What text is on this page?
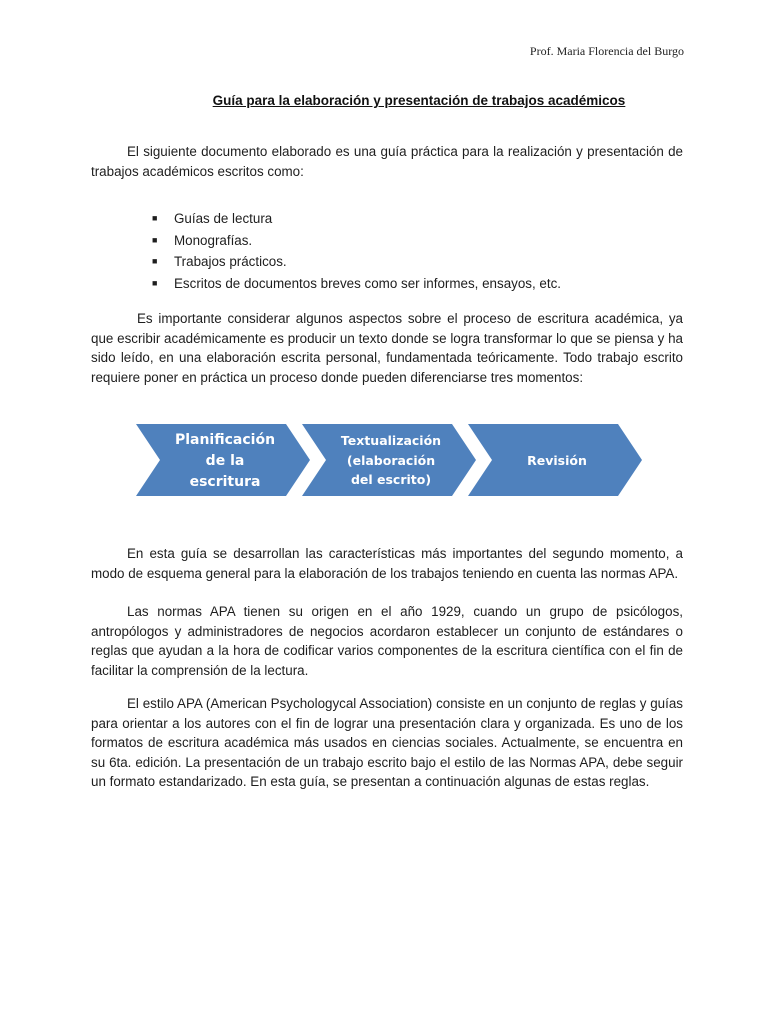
Prof. Maria Florencia del Burgo
Guía para la elaboración y presentación de trabajos académicos

El siguiente documento elaborado es una guía práctica para la realización y presentación de trabajos académicos escritos como:

■ Guías de lectura
■ Monografías.
■ Trabajos prácticos.
■ Escritos de documentos breves como ser informes, ensayos, etc.

Es importante considerar algunos aspectos sobre el proceso de escritura académica, ya que escribir académicamente es producir un texto donde se logra transformar lo que se piensa y ha sido leído, en una elaboración escrita personal, fundamentada teóricamente. Todo trabajo escrito requiere poner en práctica un proceso donde pueden diferenciarse tres momentos:

Planificación
de la
escritura
Textualización
(elaboración
del escrito)
Revisión

En esta guía se desarrollan las características más importantes del segundo momento, a modo de esquema general para la elaboración de los trabajos teniendo en cuenta las normas APA.

Las normas APA tienen su origen en el año 1929, cuando un grupo de psicólogos, antropólogos y administradores de negocios acordaron establecer un conjunto de estándares o reglas que ayudan a la hora de codificar varios componentes de la escritura científica con el fin de facilitar la comprensión de la lectura.

El estilo APA (American Psychologycal Association) consiste en un conjunto de reglas y guías para orientar a los autores con el fin de lograr una presentación clara y organizada. Es uno de los formatos de escritura académica más usados en ciencias sociales. Actualmente, se encuentra en su 6ta. edición. La presentación de un trabajo escrito bajo el estilo de las Normas APA, debe seguir un formato estandarizado. En esta guía, se presentan a continuación algunas de estas reglas.
